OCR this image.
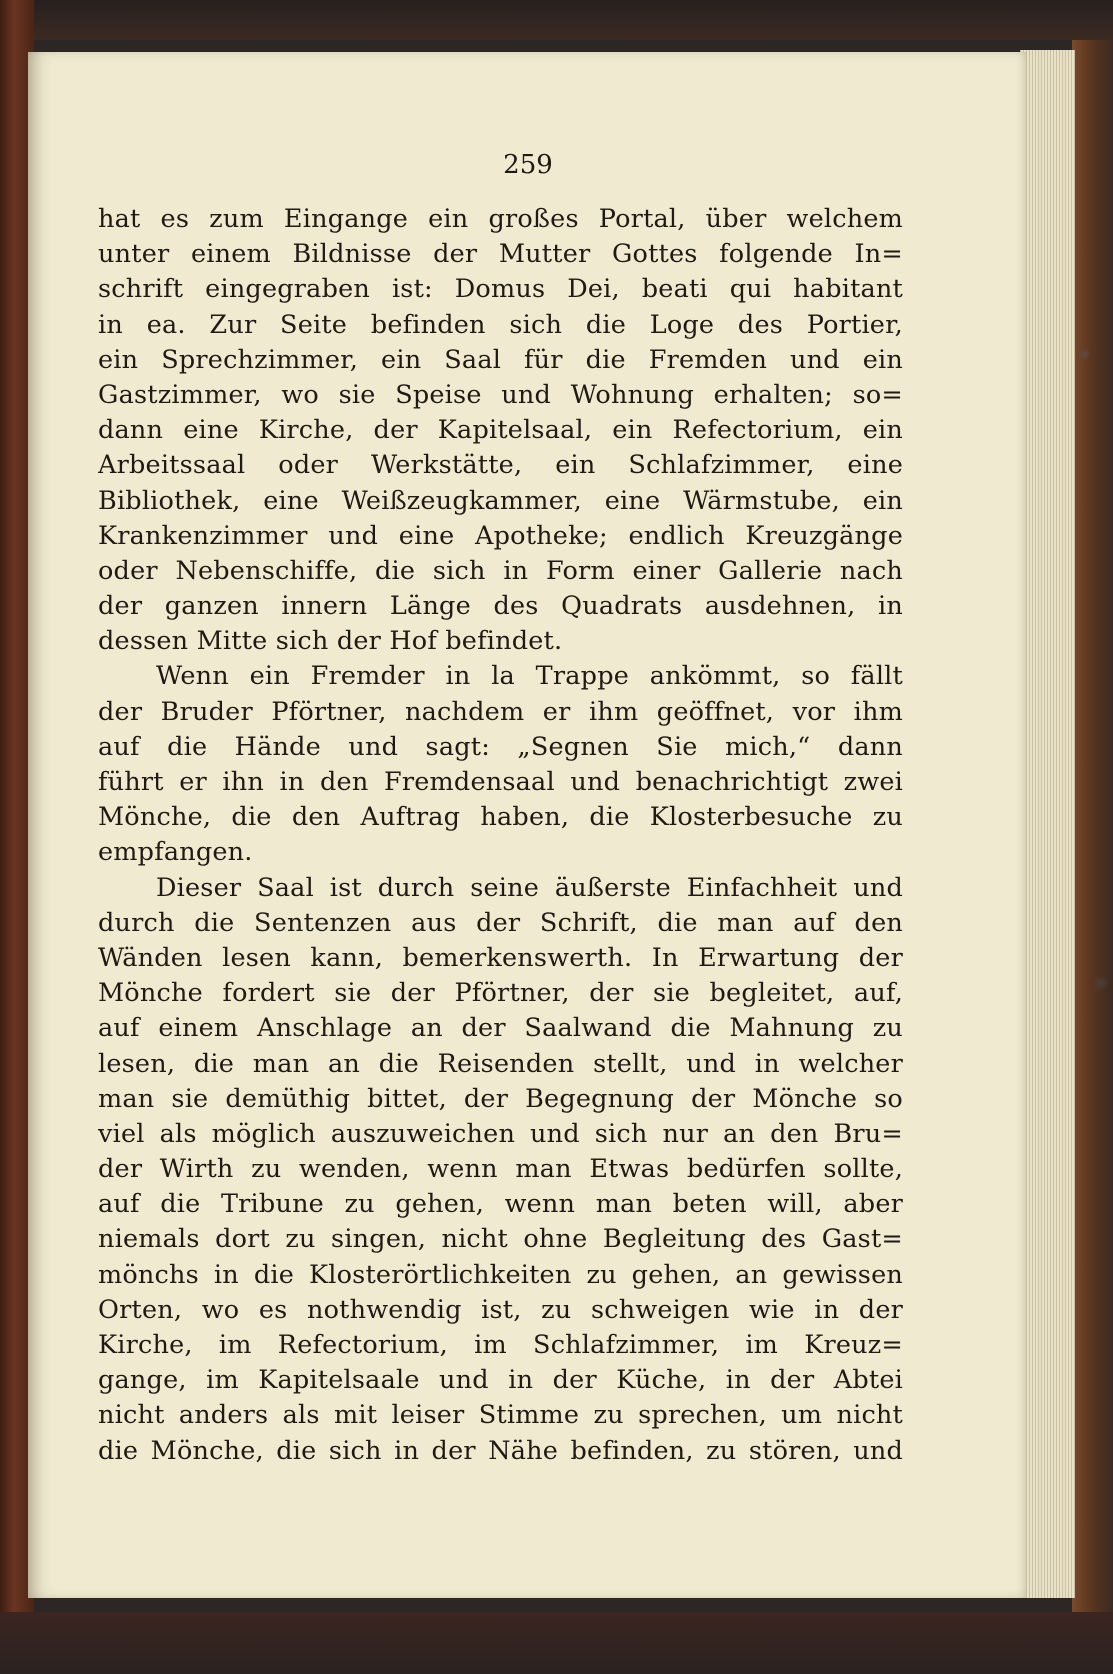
259
hat es zum Eingange ein großes Portal, über welchem
unter einem Bildnisse der Mutter Gottes folgende In=
schrift eingegraben ist: Domus Dei, beati qui habitant
in ea. Zur Seite befinden sich die Loge des Portier,
ein Sprechzimmer, ein Saal für die Fremden und ein
Gastzimmer, wo sie Speise und Wohnung erhalten; so=
dann eine Kirche, der Kapitelsaal, ein Refectorium, ein
Arbeitssaal oder Werkstätte, ein Schlafzimmer, eine
Bibliothek, eine Weißzeugkammer, eine Wärmstube, ein
Krankenzimmer und eine Apotheke; endlich Kreuzgänge
oder Nebenschiffe, die sich in Form einer Gallerie nach
der ganzen innern Länge des Quadrats ausdehnen, in
dessen Mitte sich der Hof befindet.
Wenn ein Fremder in la Trappe ankömmt, so fällt
der Bruder Pförtner, nachdem er ihm geöffnet, vor ihm
auf die Hände und sagt: „Segnen Sie mich,“ dann
führt er ihn in den Fremdensaal und benachrichtigt zwei
Mönche, die den Auftrag haben, die Klosterbesuche zu
empfangen.
Dieser Saal ist durch seine äußerste Einfachheit und
durch die Sentenzen aus der Schrift, die man auf den
Wänden lesen kann, bemerkenswerth. In Erwartung der
Mönche fordert sie der Pförtner, der sie begleitet, auf,
auf einem Anschlage an der Saalwand die Mahnung zu
lesen, die man an die Reisenden stellt, und in welcher
man sie demüthig bittet, der Begegnung der Mönche so
viel als möglich auszuweichen und sich nur an den Bru=
der Wirth zu wenden, wenn man Etwas bedürfen sollte,
auf die Tribune zu gehen, wenn man beten will, aber
niemals dort zu singen, nicht ohne Begleitung des Gast=
mönchs in die Klosterörtlichkeiten zu gehen, an gewissen
Orten, wo es nothwendig ist, zu schweigen wie in der
Kirche, im Refectorium, im Schlafzimmer, im Kreuz=
gange, im Kapitelsaale und in der Küche, in der Abtei
nicht anders als mit leiser Stimme zu sprechen, um nicht
die Mönche, die sich in der Nähe befinden, zu stören, und
